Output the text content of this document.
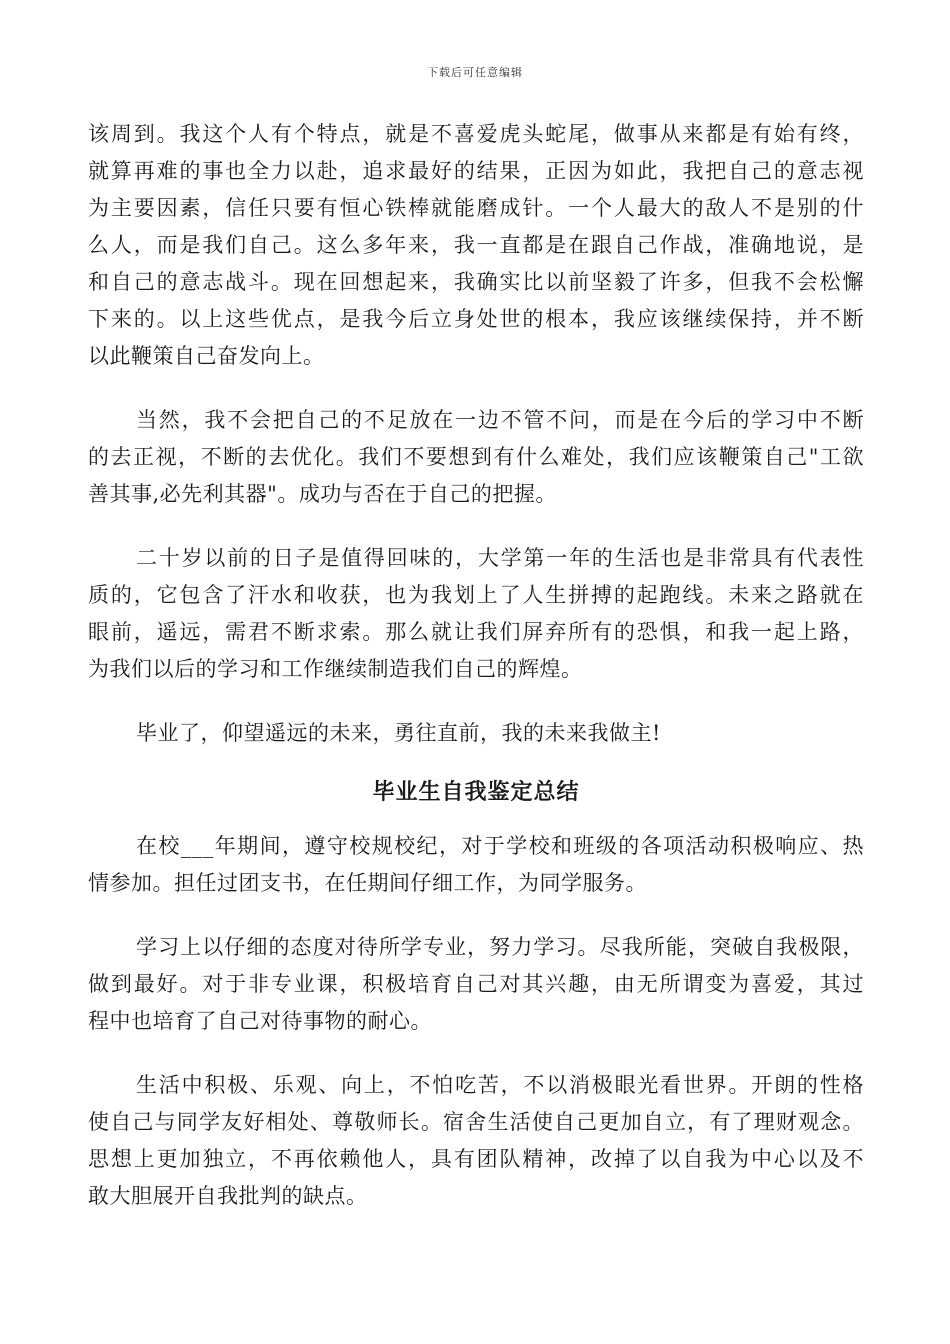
下载后可任意编辑
该周到。我这个人有个特点，就是不喜爱虎头蛇尾，做事从来都是有始有终，
就算再难的事也全力以赴，追求最好的结果，正因为如此，我把自己的意志视
为主要因素，信任只要有恒心铁棒就能磨成针。一个人最大的敌人不是别的什
么人，而是我们自己。这么多年来，我一直都是在跟自己作战，准确地说，是
和自己的意志战斗。现在回想起来，我确实比以前坚毅了许多，但我不会松懈
下来的。以上这些优点，是我今后立身处世的根本，我应该继续保持，并不断
以此鞭策自己奋发向上。
当然，我不会把自己的不足放在一边不管不问，而是在今后的学习中不断
的去正视，不断的去优化。我们不要想到有什么难处，我们应该鞭策自己"工欲
善其事,必先利其器"。成功与否在于自己的把握。
二十岁以前的日子是值得回味的，大学第一年的生活也是非常具有代表性
质的，它包含了汗水和收获，也为我划上了人生拼搏的起跑线。未来之路就在
眼前，遥远，需君不断求索。那么就让我们屏弃所有的恐惧，和我一起上路，
为我们以后的学习和工作继续制造我们自己的辉煌。
毕业了，仰望遥远的未来，勇往直前，我的未来我做主!
毕业生自我鉴定总结
在校___年期间，遵守校规校纪，对于学校和班级的各项活动积极响应、热
情参加。担任过团支书，在任期间仔细工作，为同学服务。
学习上以仔细的态度对待所学专业，努力学习。尽我所能，突破自我极限，
做到最好。对于非专业课，积极培育自己对其兴趣，由无所谓变为喜爱，其过
程中也培育了自己对待事物的耐心。
生活中积极、乐观、向上，不怕吃苦，不以消极眼光看世界。开朗的性格
使自己与同学友好相处、尊敬师长。宿舍生活使自己更加自立，有了理财观念。
思想上更加独立，不再依赖他人，具有团队精神，改掉了以自我为中心以及不
敢大胆展开自我批判的缺点。
